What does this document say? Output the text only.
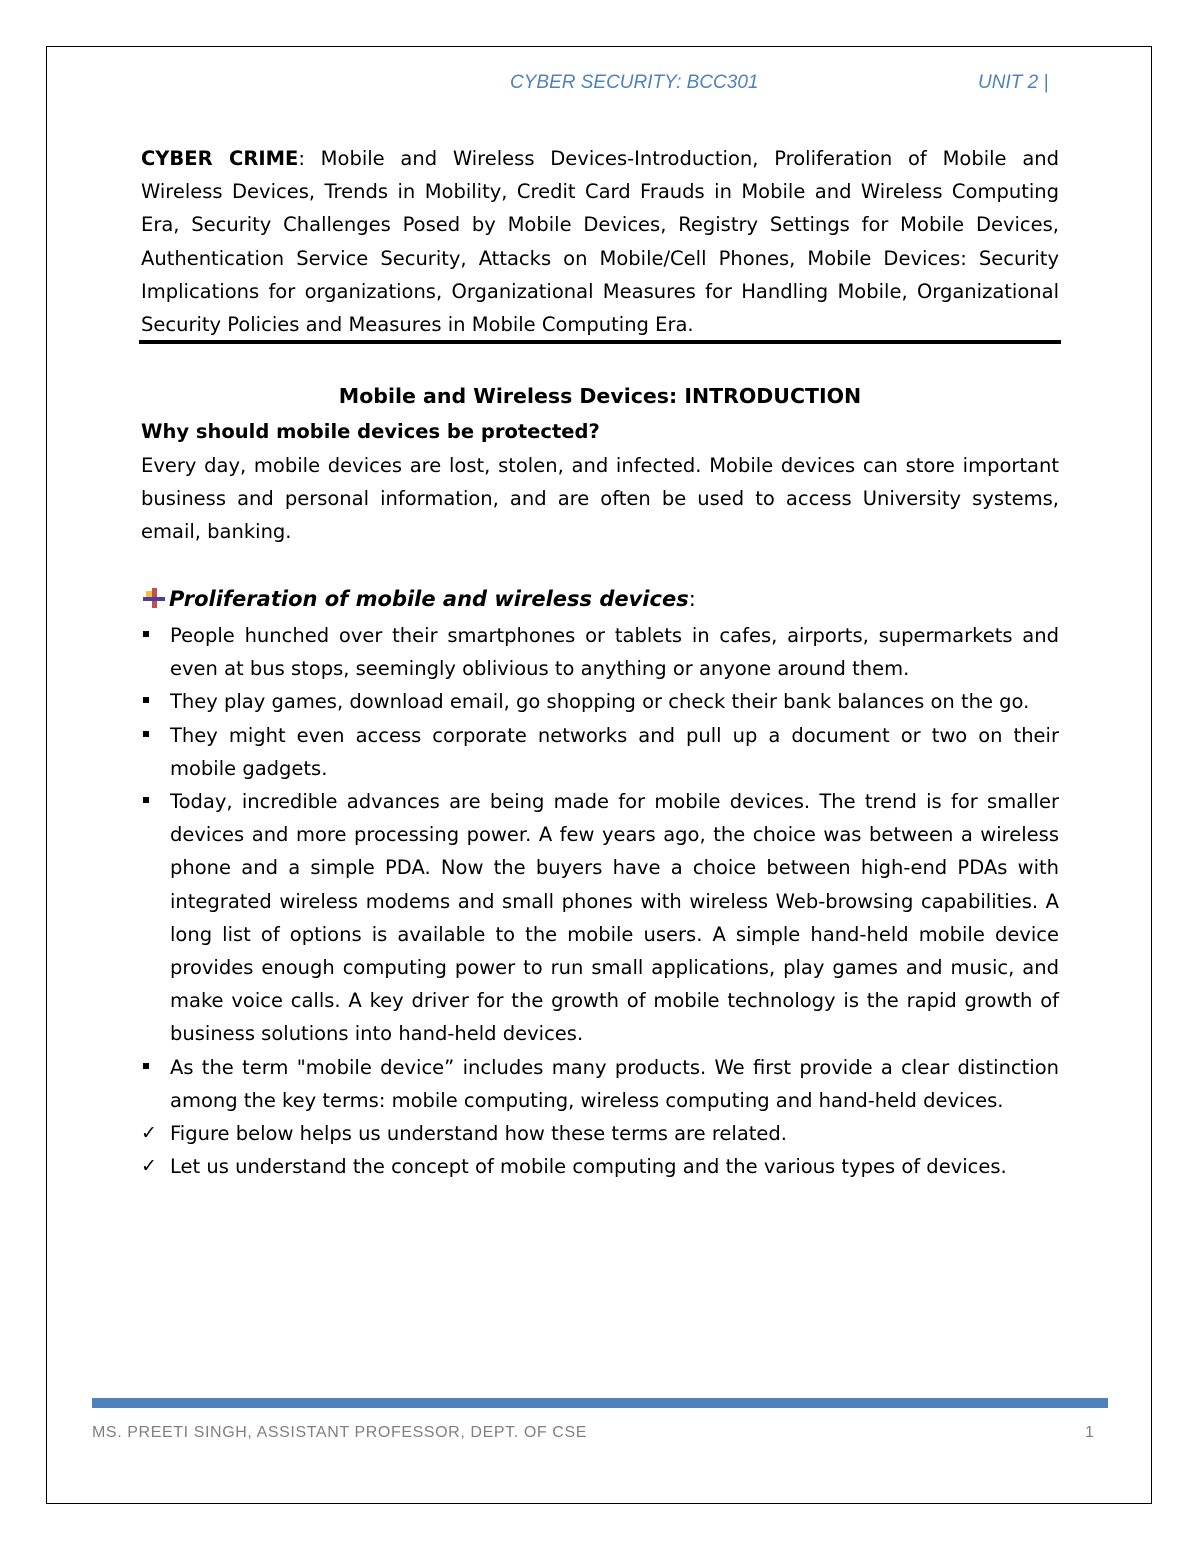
CYBER SECURITY: BCC301	UNIT 2 |

CYBER CRIME: Mobile and Wireless Devices-Introduction, Proliferation of Mobile and Wireless Devices, Trends in Mobility, Credit Card Frauds in Mobile and Wireless Computing Era, Security Challenges Posed by Mobile Devices, Registry Settings for Mobile Devices, Authentication Service Security, Attacks on Mobile/Cell Phones, Mobile Devices: Security Implications for organizations, Organizational Measures for Handling Mobile, Organizational Security Policies and Measures in Mobile Computing Era.

Mobile and Wireless Devices: INTRODUCTION

Why should mobile devices be protected?

Every day, mobile devices are lost, stolen, and infected. Mobile devices can store important business and personal information, and are often be used to access University systems, email, banking.

Proliferation of mobile and wireless devices :
People hunched over their smartphones or tablets in cafes, airports, supermarkets and even at bus stops, seemingly oblivious to anything or anyone around them.
They play games, download email, go shopping or check their bank balances on the go.
They might even access corporate networks and pull up a document or two on their mobile gadgets.
Today, incredible advances are being made for mobile devices. The trend is for smaller devices and more processing power. A few years ago, the choice was between a wireless phone and a simple PDA. Now the buyers have a choice between high-end PDAs with integrated wireless modems and small phones with wireless Web-browsing capabilities. A long list of options is available to the mobile users. A simple hand-held mobile device provides enough computing power to run small applications, play games and music, and make voice calls. A key driver for the growth of mobile technology is the rapid growth of business solutions into hand-held devices.
As the term "mobile device” includes many products. We first provide a clear distinction among the key terms: mobile computing, wireless computing and hand-held devices.
✓ Figure below helps us understand how these terms are related.
✓ Let us understand the concept of mobile computing and the various types of devices.
MS. PREETI SINGH, ASSISTANT PROFESSOR, DEPT. OF CSE	1
